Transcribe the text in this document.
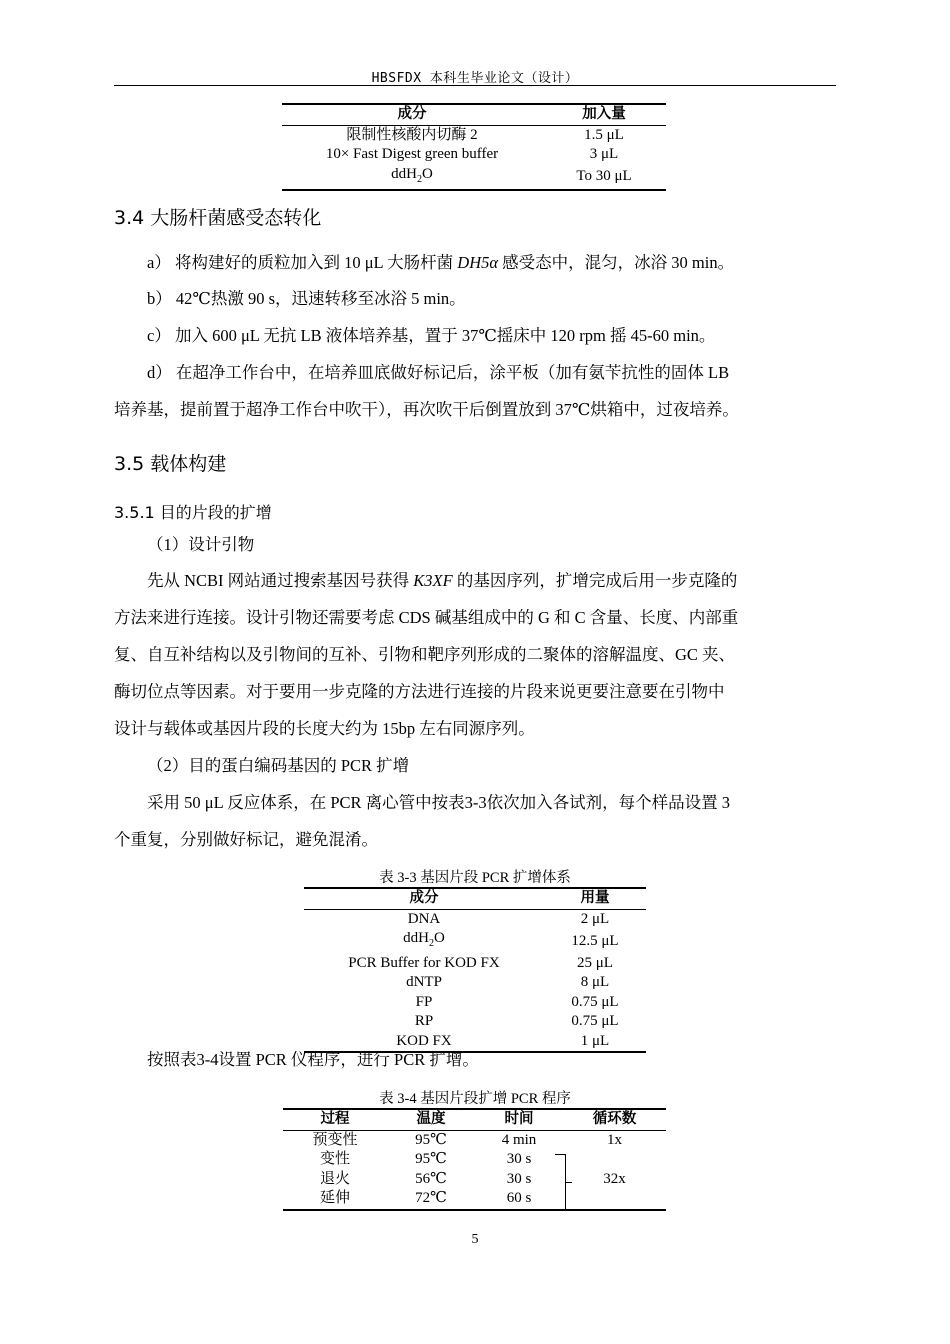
HBSFDX 本科生毕业论文（设计）
成分	加入量
限制性核酸内切酶 2	1.5 μL
10× Fast Digest green buffer	3 μL
ddH$_2$O	To 30 μL
3.4 大肠杆菌感受态转化
a） 将构建好的质粒加入到 10 μL 大肠杆菌 DH5α 感受态中，混匀，冰浴 30 min。
b） 42℃热激 90 s，迅速转移至冰浴 5 min。
c） 加入 600 μL 无抗 LB 液体培养基，置于 37℃摇床中 120 rpm 摇 45-60 min。
d） 在超净工作台中，在培养皿底做好标记后，涂平板（加有氨苄抗性的固体 LB
培养基，提前置于超净工作台中吹干），再次吹干后倒置放到 37℃烘箱中，过夜培养。
3.5 载体构建
3.5.1 目的片段的扩增
（1）设计引物
先从 NCBI 网站通过搜索基因号获得 K3XF 的基因序列，扩增完成后用一步克隆的
方法来进行连接。设计引物还需要考虑 CDS 碱基组成中的 G 和 C 含量、长度、内部重
复、自互补结构以及引物间的互补、引物和靶序列形成的二聚体的溶解温度、GC 夹、
酶切位点等因素。对于要用一步克隆的方法进行连接的片段来说更要注意要在引物中
设计与载体或基因片段的长度大约为 15bp 左右同源序列。
（2）目的蛋白编码基因的 PCR 扩增
采用 50 μL 反应体系，在 PCR 离心管中按表3-3依次加入各试剂，每个样品设置 3
个重复，分别做好标记，避免混淆。
表 3-3 基因片段 PCR 扩增体系
成分	用量
DNA	2 μL
ddH$_2$O	12.5 μL
PCR Buffer for KOD FX	25 μL
dNTP	8 μL
FP	0.75 μL
RP	0.75 μL
KOD FX	1 μL
按照表3-4设置 PCR 仪程序，进行 PCR 扩增。
表 3-4 基因片段扩增 PCR 程序
过程	温度	时间	循环数
预变性	95℃	4 min	1x
变性	95℃	30 s	
退火	56℃	30 s	32x
延伸	72℃	60 s	
5
